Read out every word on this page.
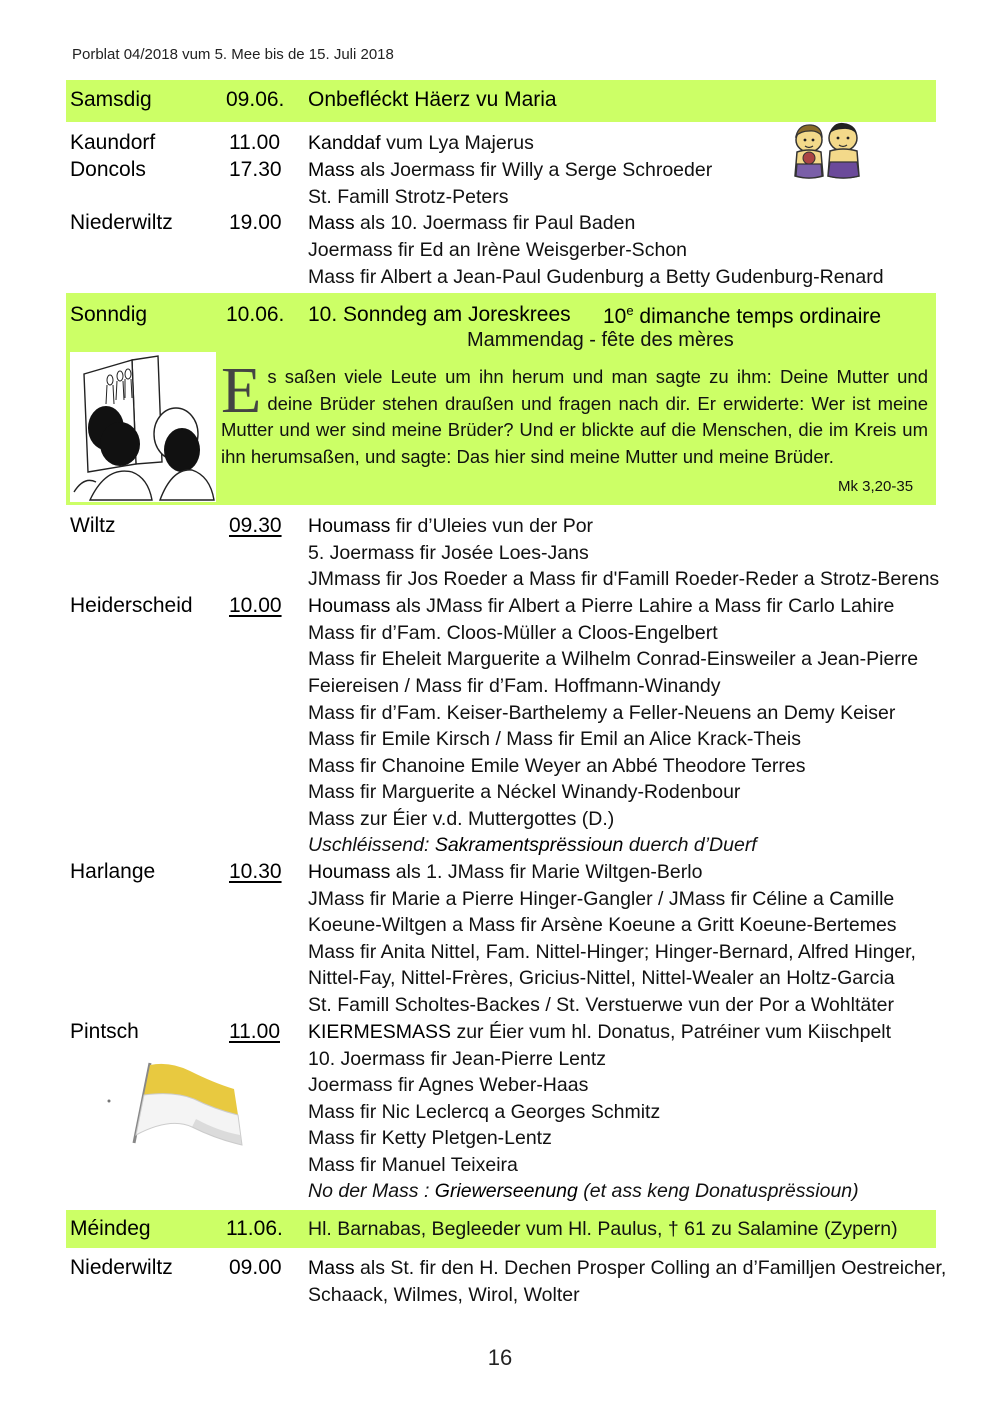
Porblat 04/2018 vum 5. Mee bis de 15. Juli 2018
Samsdig	09.06. Onbefléckt Häerz vu Maria
Kaundorf	11.00 Kanddaf vum Lya Majerus
Doncols	17.30 Mass als Joermass fir Willy a Serge Schroeder
St. Famill Strotz-Peters
Niederwiltz	19.00 Mass als 10. Joermass fir Paul Baden
Joermass fir Ed an Irène Weisgerber-Schon
Mass fir Albert a Jean-Paul Gudenburg a Betty Gudenburg-Renard
Sonndig	10.06. 10. Sonndeg am Joreskrees 10e dimanche temps ordinaire
Mammendag - fête des mères
Es saßen viele Leute um ihn herum und man sagte zu ihm: Deine Mutter und deine Brüder stehen draußen und fragen nach dir. Er erwiderte: Wer ist meine Mutter und wer sind meine Brüder? Und er blickte auf die Menschen, die im Kreis um ihn herumsaßen, und sagte: Das hier sind meine Mutter und meine Brüder.
Mk 3,20-35
Wiltz	09.30 Houmass fir d’Uleies vun der Por
5. Joermass fir Josée Loes-Jans
JMmass fir Jos Roeder a Mass fir d'Famill Roeder-Reder a Strotz-Berens
Heiderscheid 10.00 Houmass als JMass fir Albert a Pierre Lahire a Mass fir Carlo Lahire
Mass fir d’Fam. Cloos-Müller a Cloos-Engelbert
Mass fir Eheleit Marguerite a Wilhelm Conrad-Einsweiler a Jean-Pierre
Feiereisen / Mass fir d’Fam. Hoffmann-Winandy
Mass fir d’Fam. Keiser-Barthelemy a Feller-Neuens an Demy Keiser
Mass fir Emile Kirsch / Mass fir Emil an Alice Krack-Theis
Mass fir Chanoine Emile Weyer an Abbé Theodore Terres
Mass fir Marguerite a Néckel Winandy-Rodenbour
Mass zur Éier v.d. Muttergottes (D.)
Uschléissend: Sakramentsprëssioun duerch d’Duerf
Harlange	10.30 Houmass als 1. JMass fir Marie Wiltgen-Berlo
JMass fir Marie a Pierre Hinger-Gangler / JMass fir Céline a Camille
Koeune-Wiltgen a Mass fir Arsène Koeune a Gritt Koeune-Bertemes
Mass fir Anita Nittel, Fam. Nittel-Hinger; Hinger-Bernard, Alfred Hinger,
Nittel-Fay, Nittel-Frères, Gricius-Nittel, Nittel-Wealer an Holtz-Garcia
St. Famill Scholtes-Backes / St. Verstuerwe vun der Por a Wohltäter
Pintsch	11.00 KIERMESMASS zur Éier vum hl. Donatus, Patréiner vum Kiischpelt
10. Joermass fir Jean-Pierre Lentz
Joermass fir Agnes Weber-Haas
Mass fir Nic Leclercq a Georges Schmitz
Mass fir Ketty Pletgen-Lentz
Mass fir Manuel Teixeira
No der Mass : Griewerseenung (et ass keng Donatusprëssioun)
Méindeg	11.06. Hl. Barnabas, Begleeder vum Hl. Paulus, † 61 zu Salamine (Zypern)
Niederwiltz	09.00 Mass als St. fir den H. Dechen Prosper Colling an d’Familljen Oestreicher,
Schaack, Wilmes, Wirol, Wolter
16
